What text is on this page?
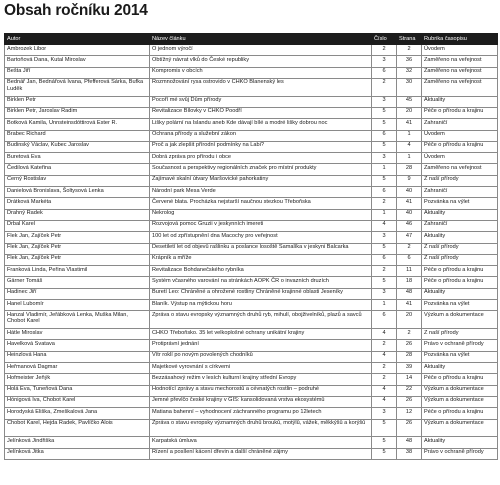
Obsah ročníku 2014
Autor	Název článku	Číslo	Strana	Rubrika časopisu
Ambrozek Libor	O jednom výročí	2	2	Úvodem
Bartoňová Dana, Kutal Miroslav	Obtížný návrat vlků do České republiky	3	36	Zaměřeno na veřejnost
Bešta Jiří	Kompromis v obcích	6	32	Zaměřeno na veřejnost
Bednář Jan, Bednářová Ivana, Pfefferová Šárka, Bufka Luděk	Rozmnožování rysa ostrovido v CHKO Blanenský les	2	30	Zaměřeno na veřejnost
Birklen Petr	Pocoří mé svůj Dům přírody	3	45	Aktuality
Birklen Petr, Jaroslav Radim	Revitalizace Bílovky v CHKO Poodří	5	20	Péče o přírodu a krajinu
Botková Kamila, Unnsteinsdóttirová Ester R.	Lišky polární na Islandu aneb Kde dávají bílé a modré lišky dobrou noc	5	41	Zahraničí
Brabec Richard	Ochrana přírody a služební zákon	6	1	Úvodem
Budinský Václav, Kubec Jaroslav	Proč a jak zlepšit přírodní podmínky na Labi?	5	4	Péče o přírodu a krajinu
Buretová Eva	Dobrá zpráva pro přírodu i obce	3	1	Úvodem
Čedilová Kateřina	Současnost a perspektivy regionálních značek pro místní produkty	1	28	Zaměřeno na veřejnost
Černý Rostislav	Zajímavé skalní útvary Maršovické pahorkatiny	5	9	Z naší přírody
Danielová Bronislava, Šoltysová Lenka	Národní park Mesa Verde	6	40	Zahraničí
Drátková Markéta	Červené blata. Procházka nejstarší naučnou stezkou Třeboňska	2	41	Pozvánka na výlet
Drahný Radek	Nekrolog	1	40	Aktuality
Drbal Karel	Rozvojová pomoc Gruzii v jeskynních imereti	4	46	Zahraničí
Flek Jan, Zajíček Petr	100 let od zpřístupnění dna Macochy pro veřejnost	3	47	Aktuality
Flek Jan, Zajíček Petr	Desetiletí let od objevů rašlinku a poslance losoště Šamalíka v jeskyni Balcarka	5	2	Z naší přírody
Flek Jan, Zajíček Petr	Krápník a mříže	6	6	Z naší přírody
Franková Linda, Peřina Vlastimil	Revitalizace Bohdanečského rybníka	2	11	Péče o přírodu a krajinu
Gärner Tomáš	Systém včasného varování na stránkách AOPK ČR o invazních druzích	5	18	Péče o přírodu a krajinu
Hadinec Jiří	Buretí Leo: Chráněné a ohrožené rostliny Chráněné krajinné oblasti Jeseníky	3	48	Aktuality
Hanel Lubomír	Blaník. Výstup na mýtickou horu	1	41	Pozvánka na výlet
Hanzal Vladimír, Jeřábková Lenka, Muška Milan, Chobot Karel	Zpráva o stavu evropsky významných druhů ryb, mihulí, obojživelníků, plazů a savců	6	20	Výzkum a dokumentace
Hátle Miroslav	CHKO Třeboňsko. 35 let velkoplošné ochrany unikátní krajiny	4	2	Z naší přírody
Havelková Svatava	Protiprávní jednání	2	26	Právo v ochraně přírody
Heinzlová Hana	Vítr roklí po novým povolených chodníků	4	28	Pozvánka na výlet
Heřmanová Dagmar	Majetkové vyrovnání s církvemi	2	39	Aktuality
Hofmeister Jeňýk	Bezzásahový režim v lesích kulturní krajiny střední Evropy	2	14	Péče o přírodu a krajinu
Holá Eva, Tuneňová Dana	Hodnotící zprávy a stavu mechorostů a cévnatých rostlin – podruhé	4	22	Výzkum a dokumentace
Hónigová Iva, Chobot Karel	Jemné převlčo české krajiny v GIS: kansolidovaná vrstva ekosystémů	4	26	Výzkum a dokumentace
Horodyská Eliška, Zmeškalová Jana	Matiana bahenní – vyhodnocení záchranného programu po 12letech	3	12	Péče o přírodu a krajinu
Chobot Karel, Hejda Radek, Pavlíčko Alois	Zpráva o stavu evropsky významných druhů brouků, motýlů, vážek, měkkýšů a korýšů	5	26	Výzkum a dokumentace
Jelínková Jindřiška	Karpatská úmluva	5	48	Aktuality
Jelínková Jitka	Řízení a posílení kácení dřevin a další chráněné zájmy	5	38	Právo v ochraně přírody
